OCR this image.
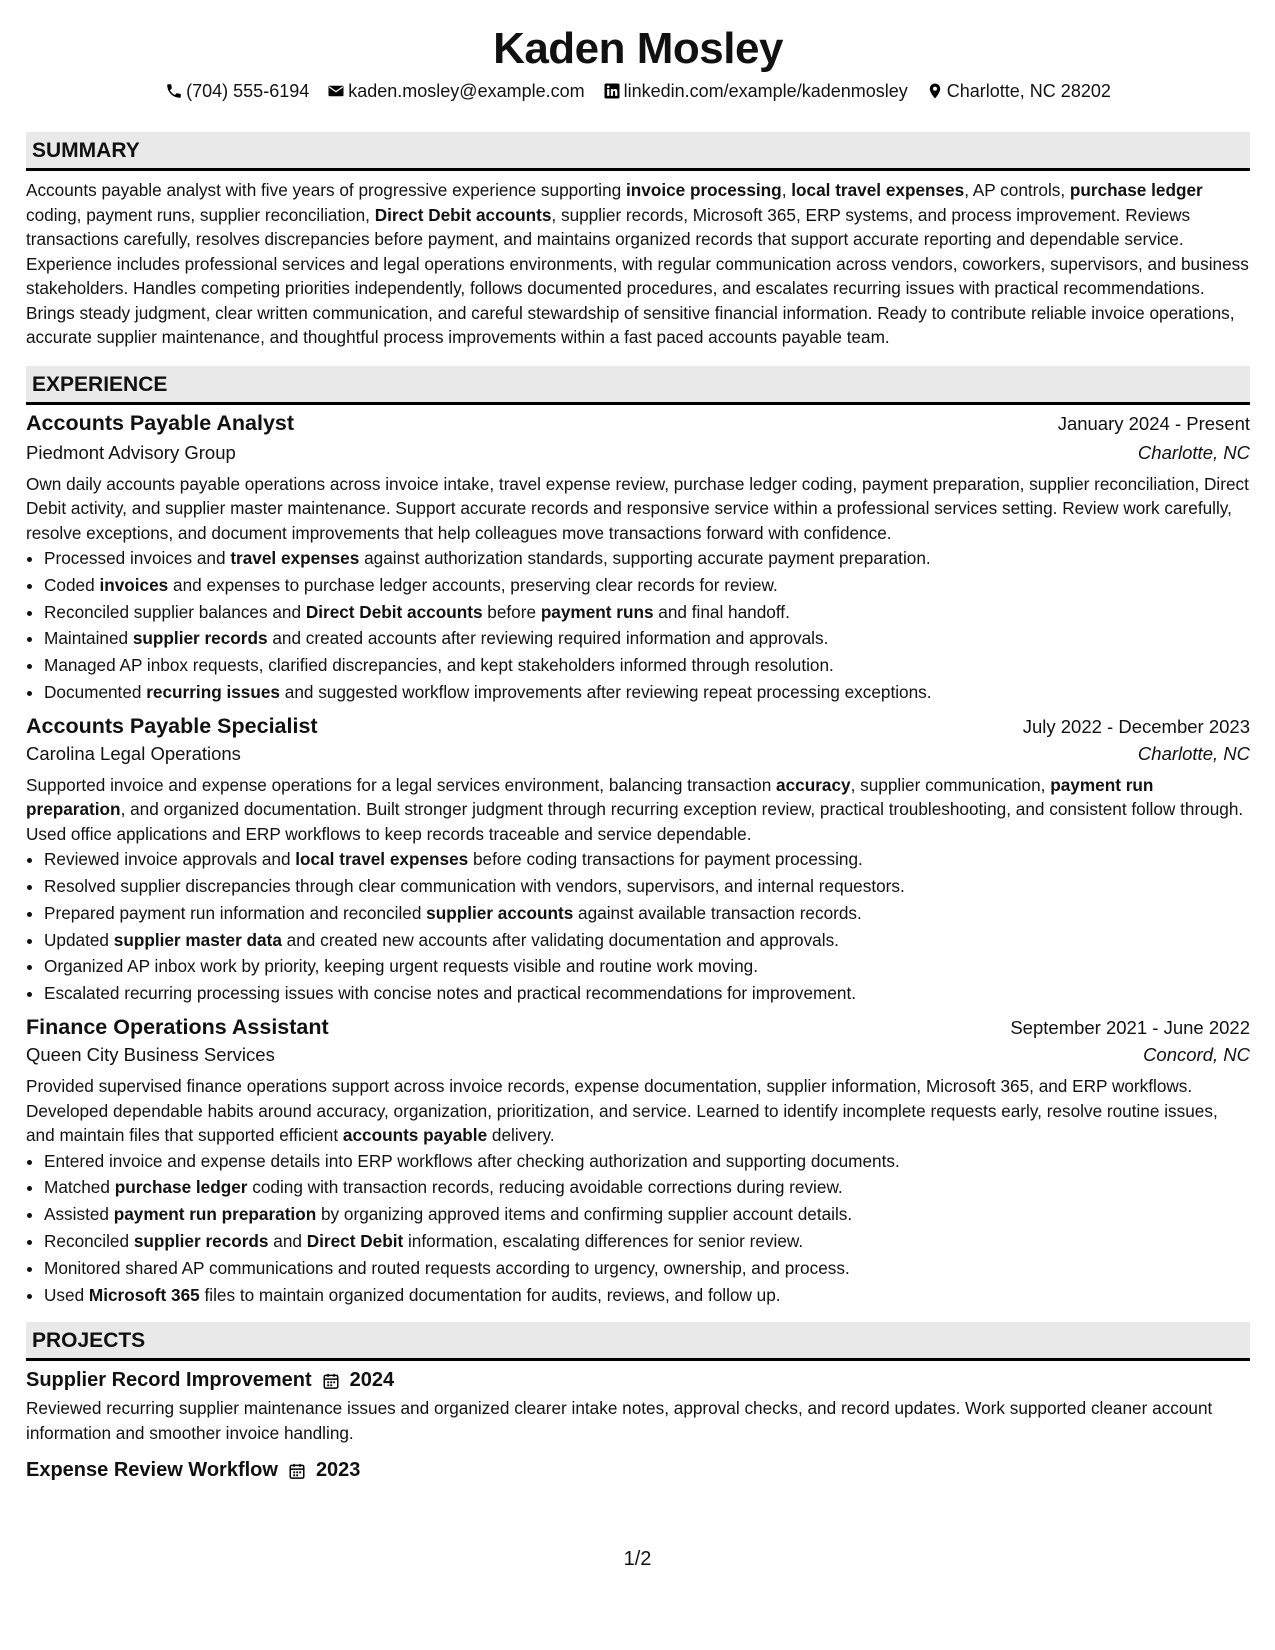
Kaden Mosley
(704) 555-6194 kaden.mosley@example.com linkedin.com/example/kadenmosley Charlotte, NC 28202
SUMMARY

Accounts payable analyst with five years of progressive experience supporting invoice processing, local travel expenses, AP controls, purchase ledger coding, payment runs, supplier reconciliation, Direct Debit accounts, supplier records, Microsoft 365, ERP systems, and process improvement. Reviews transactions carefully, resolves discrepancies before payment, and maintains organized records that support accurate reporting and dependable service. Experience includes professional services and legal operations environments, with regular communication across vendors, coworkers, supervisors, and business stakeholders. Handles competing priorities independently, follows documented procedures, and escalates recurring issues with practical recommendations. Brings steady judgment, clear written communication, and careful stewardship of sensitive financial information. Ready to contribute reliable invoice operations, accurate supplier maintenance, and thoughtful process improvements within a fast paced accounts payable team.

EXPERIENCE
Accounts Payable Analyst	January 2024 - Present
Piedmont Advisory Group	Charlotte, NC

Own daily accounts payable operations across invoice intake, travel expense review, purchase ledger coding, payment preparation, supplier reconciliation, Direct Debit activity, and supplier master maintenance. Support accurate records and responsive service within a professional services setting. Review work carefully, resolve exceptions, and document improvements that help colleagues move transactions forward with confidence.

• Processed invoices and travel expenses against authorization standards, supporting accurate payment preparation.
• Coded invoices and expenses to purchase ledger accounts, preserving clear records for review.
• Reconciled supplier balances and Direct Debit accounts before payment runs and final handoff.
• Maintained supplier records and created accounts after reviewing required information and approvals.
• Managed AP inbox requests, clarified discrepancies, and kept stakeholders informed through resolution.
• Documented recurring issues and suggested workflow improvements after reviewing repeat processing exceptions.
Accounts Payable Specialist	July 2022 - December 2023
Carolina Legal Operations	Charlotte, NC

Supported invoice and expense operations for a legal services environment, balancing transaction accuracy, supplier communication, payment run preparation, and organized documentation. Built stronger judgment through recurring exception review, practical troubleshooting, and consistent follow through. Used office applications and ERP workflows to keep records traceable and service dependable.

• Reviewed invoice approvals and local travel expenses before coding transactions for payment processing.
• Resolved supplier discrepancies through clear communication with vendors, supervisors, and internal requestors.
• Prepared payment run information and reconciled supplier accounts against available transaction records.
• Updated supplier master data and created new accounts after validating documentation and approvals.
• Organized AP inbox work by priority, keeping urgent requests visible and routine work moving.
• Escalated recurring processing issues with concise notes and practical recommendations for improvement.
Finance Operations Assistant	September 2021 - June 2022
Queen City Business Services	Concord, NC

Provided supervised finance operations support across invoice records, expense documentation, supplier information, Microsoft 365, and ERP workflows. Developed dependable habits around accuracy, organization, prioritization, and service. Learned to identify incomplete requests early, resolve routine issues, and maintain files that supported efficient accounts payable delivery.

• Entered invoice and expense details into ERP workflows after checking authorization and supporting documents.
• Matched purchase ledger coding with transaction records, reducing avoidable corrections during review.
• Assisted payment run preparation by organizing approved items and confirming supplier account details.
• Reconciled supplier records and Direct Debit information, escalating differences for senior review.
• Monitored shared AP communications and routed requests according to urgency, ownership, and process.
• Used Microsoft 365 files to maintain organized documentation for audits, reviews, and follow up.
PROJECTS
Supplier Record Improvement 2024

Reviewed recurring supplier maintenance issues and organized clearer intake notes, approval checks, and record updates. Work supported cleaner account information and smoother invoice handling.

Expense Review Workflow 2023
1/2
